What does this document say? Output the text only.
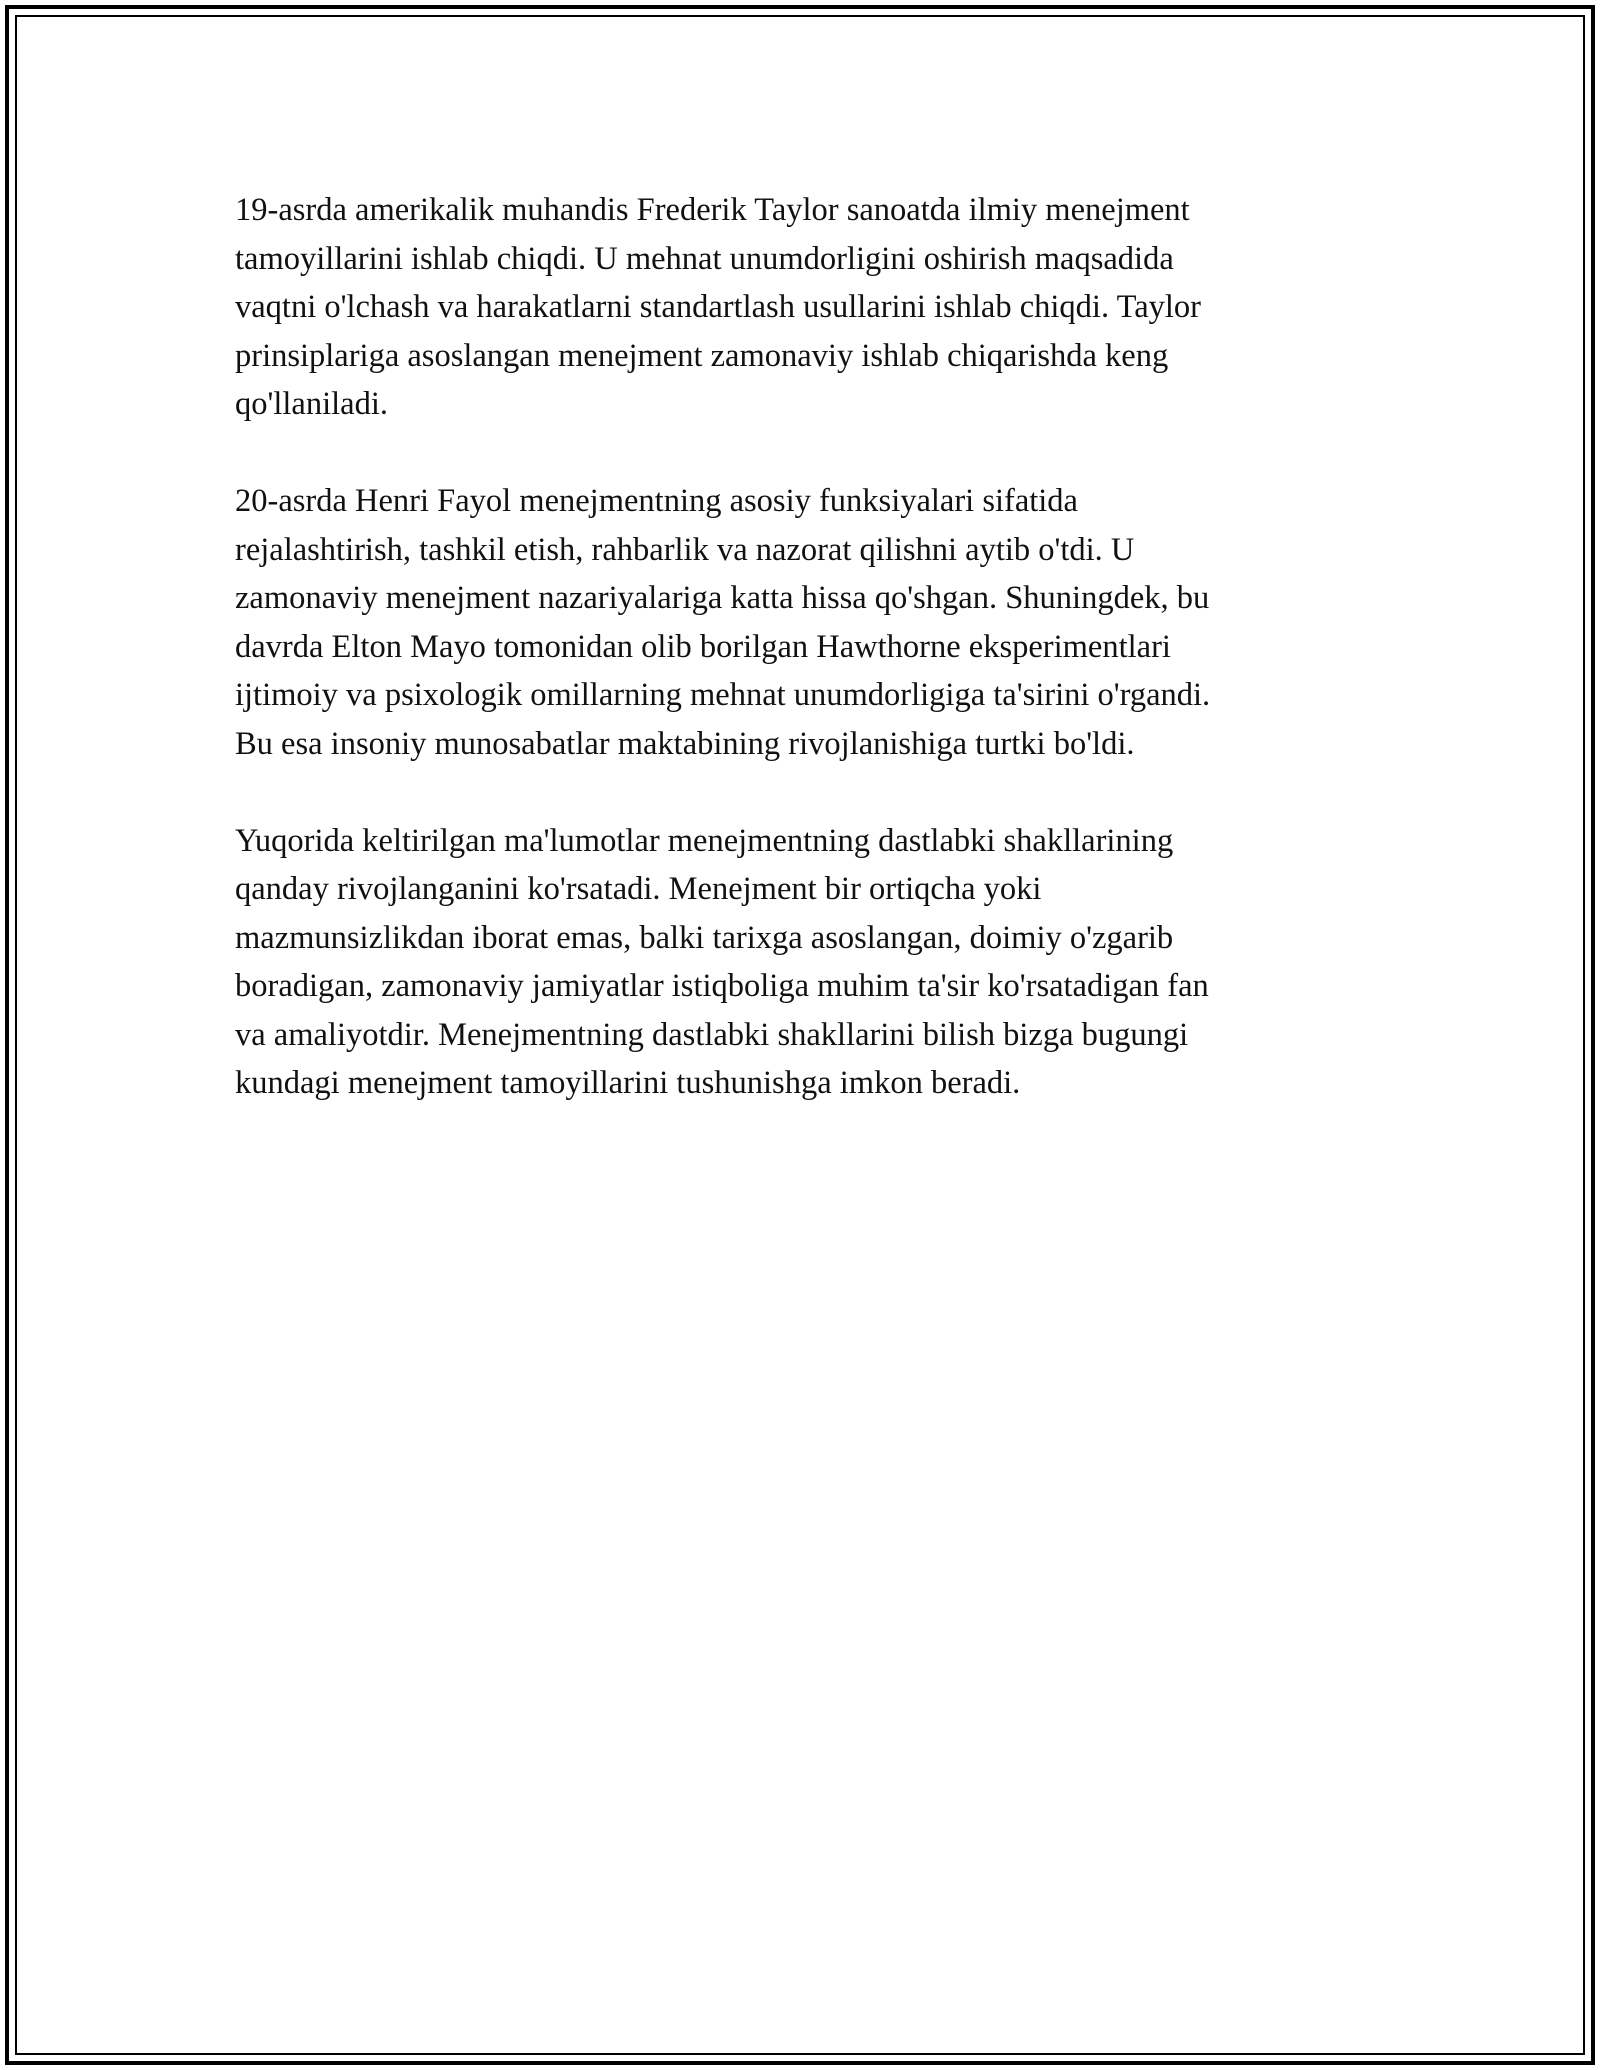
19-asrda amerikalik muhandis Frederik Taylor sanoatda ilmiy menejment
tamoyillarini ishlab chiqdi. U mehnat unumdorligini oshirish maqsadida
vaqtni o'lchash va harakatlarni standartlash usullarini ishlab chiqdi. Taylor
prinsiplariga asoslangan menejment zamonaviy ishlab chiqarishda keng
qo'llaniladi.

20-asrda Henri Fayol menejmentning asosiy funksiyalari sifatida
rejalashtirish, tashkil etish, rahbarlik va nazorat qilishni aytib o'tdi. U
zamonaviy menejment nazariyalariga katta hissa qo'shgan. Shuningdek, bu
davrda Elton Mayo tomonidan olib borilgan Hawthorne eksperimentlari
ijtimoiy va psixologik omillarning mehnat unumdorligiga ta'sirini o'rgandi.
Bu esa insoniy munosabatlar maktabining rivojlanishiga turtki bo'ldi.

Yuqorida keltirilgan ma'lumotlar menejmentning dastlabki shakllarining
qanday rivojlanganini ko'rsatadi. Menejment bir ortiqcha yoki
mazmunsizlikdan iborat emas, balki tarixga asoslangan, doimiy o'zgarib
boradigan, zamonaviy jamiyatlar istiqboliga muhim ta'sir ko'rsatadigan fan
va amaliyotdir. Menejmentning dastlabki shakllarini bilish bizga bugungi
kundagi menejment tamoyillarini tushunishga imkon beradi.
